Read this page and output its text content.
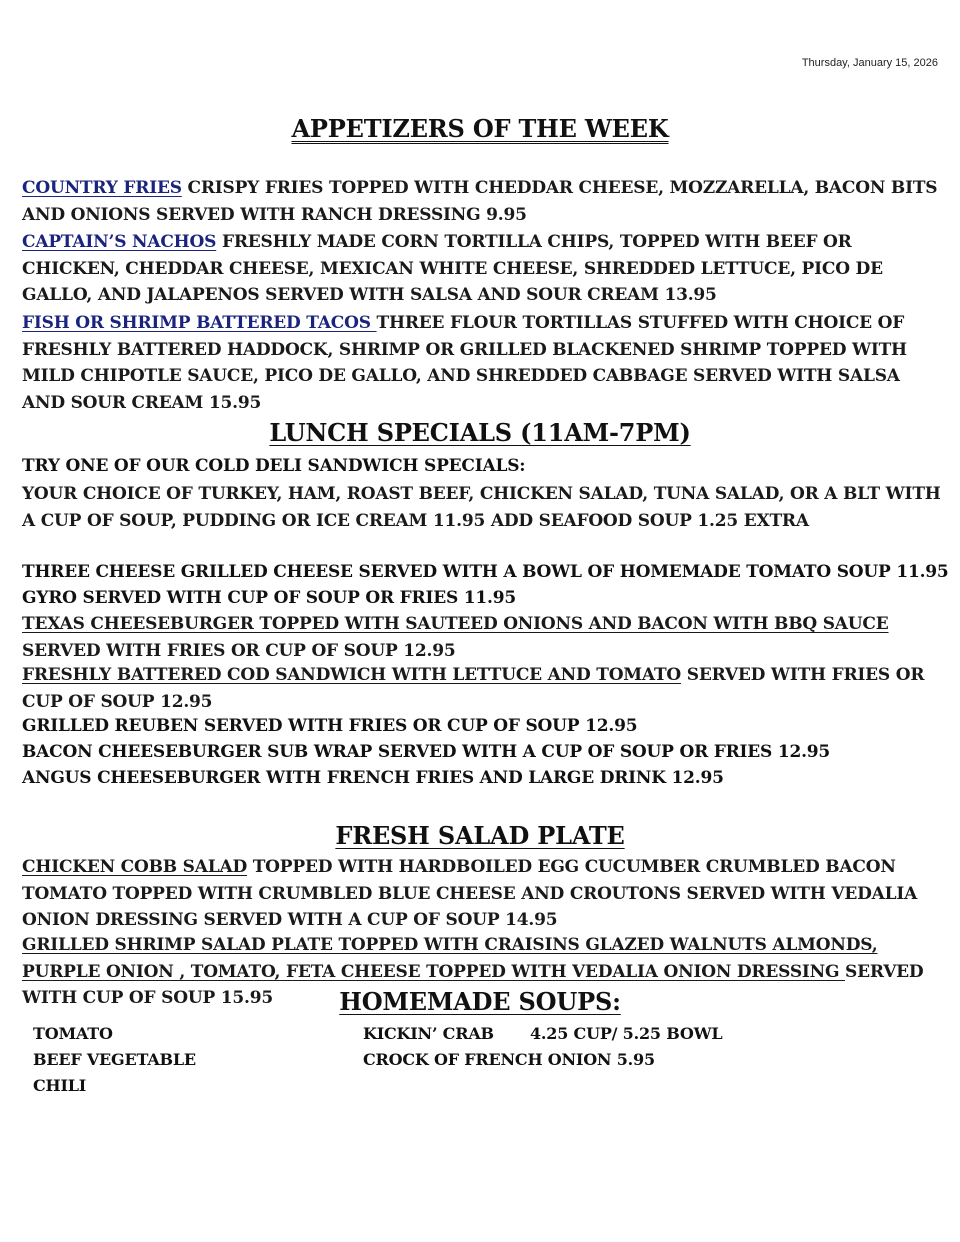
Thursday, January 15, 2026
APPETIZERS OF THE WEEK
COUNTRY FRIES CRISPY FRIES TOPPED WITH CHEDDAR CHEESE, MOZZARELLA, BACON BITS AND ONIONS SERVED WITH RANCH DRESSING 9.95
CAPTAIN’S NACHOS FRESHLY MADE CORN TORTILLA CHIPS, TOPPED WITH BEEF OR CHICKEN, CHEDDAR CHEESE, MEXICAN WHITE CHEESE, SHREDDED LETTUCE, PICO DE GALLO, AND JALAPENOS SERVED WITH SALSA AND SOUR CREAM 13.95
FISH OR SHRIMP BATTERED TACOS THREE FLOUR TORTILLAS STUFFED WITH CHOICE OF FRESHLY BATTERED HADDOCK, SHRIMP OR GRILLED BLACKENED SHRIMP TOPPED WITH MILD CHIPOTLE SAUCE, PICO DE GALLO, AND SHREDDED CABBAGE SERVED WITH SALSA AND SOUR CREAM 15.95
LUNCH SPECIALS (11AM-7PM)
TRY ONE OF OUR COLD DELI SANDWICH SPECIALS:
YOUR CHOICE OF TURKEY, HAM, ROAST BEEF, CHICKEN SALAD, TUNA SALAD, OR A BLT WITH A CUP OF SOUP, PUDDING OR ICE CREAM 11.95 ADD SEAFOOD SOUP 1.25 EXTRA
THREE CHEESE GRILLED CHEESE SERVED WITH A BOWL OF HOMEMADE TOMATO SOUP 11.95
GYRO SERVED WITH CUP OF SOUP OR FRIES 11.95
TEXAS CHEESEBURGER TOPPED WITH SAUTEED ONIONS AND BACON WITH BBQ SAUCE SERVED WITH FRIES OR CUP OF SOUP 12.95
FRESHLY BATTERED COD SANDWICH WITH LETTUCE AND TOMATO SERVED WITH FRIES OR CUP OF SOUP 12.95
GRILLED REUBEN SERVED WITH FRIES OR CUP OF SOUP 12.95
BACON CHEESEBURGER SUB WRAP SERVED WITH A CUP OF SOUP OR FRIES 12.95
ANGUS CHEESEBURGER WITH FRENCH FRIES AND LARGE DRINK 12.95
FRESH SALAD PLATE
CHICKEN COBB SALAD TOPPED WITH HARDBOILED EGG CUCUMBER CRUMBLED BACON TOMATO TOPPED WITH CRUMBLED BLUE CHEESE AND CROUTONS SERVED WITH VEDALIA ONION DRESSING SERVED WITH A CUP OF SOUP 14.95
GRILLED SHRIMP SALAD PLATE TOPPED WITH CRAISINS GLAZED WALNUTS ALMONDS, PURPLE ONION , TOMATO, FETA CHEESE TOPPED WITH VEDALIA ONION DRESSING SERVED WITH CUP OF SOUP 15.95	HOMEMADE SOUPS:
TOMATO
BEEF VEGETABLE
CHILI
KICKIN’ CRAB 4.25 CUP/ 5.25 BOWL
CROCK OF FRENCH ONION 5.95
